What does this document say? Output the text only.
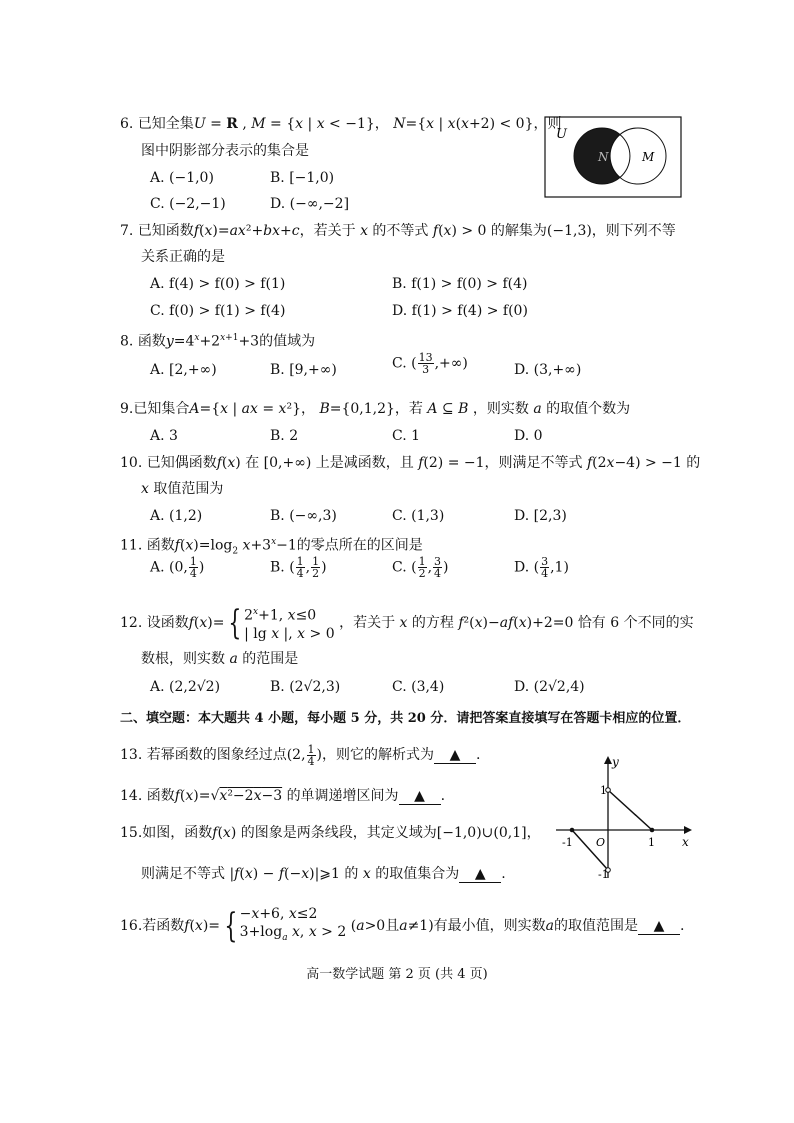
6. 已知全集U = R , M = {x | x < −1}， N={x | x(x+2) < 0}，则
图中阴影部分表示的集合是
A. (−1,0)	B. [−1,0)
C. (−2,−1)	D. (−∞,−2]
U
N	M
7. 已知函数f(x)=ax²+bx+c，若关于 x 的不等式 f(x) > 0 的解集为(−1,3)，则下列不等
关系正确的是
A. f(4) > f(0) > f(1)	B. f(1) > f(0) > f(4)
C. f(0) > f(1) > f(4)	D. f(1) > f(4) > f(0)
8. 函数$y=4^x+2^{x+1}+3$的值域为
A. [2,+∞)	B. [9,+∞)	C. ( $\frac{13}{3}$ ,+∞)	D. (3,+∞)
9.已知集合A={x | ax = x²}， B={0,1,2}，若 A ⊆ B ，则实数 a 的取值个数为
A. 3	B. 2	C. 1	D. 0
10. 已知偶函数f(x) 在 [0,+∞) 上是减函数，且 f(2) = −1，则满足不等式 f(2x−4) > −1 的
x 取值范围为
A. (1,2)	B. (−∞,3)	C. (1,3)	D. [2,3)
11. 函数$f(x)=\log_2$ $x+3^x-1$的零点所在的区间是
A. (0, $\frac{1}{4}$ )	B. ( $\frac{1}{4}$ , $\frac{1}{2}$ )	C. ( $\frac{1}{2}$ , $\frac{3}{4}$ )	D. ( $\frac{3}{4} ,1$)
12. 设函数f(x)= { $2^x+1$, x≤0
| lg x |, x > 0
，若关于 x 的方程 f²(x)−af(x)+2=0 恰有 6 个不同的实
数根，则实数 a 的范围是
A. (2,2√2)	B. (2√2,3)	C. (3,4)	D. (2√2,4)
二、填空题：本大题共 4 小题，每小题 5 分，共 20 分．请把答案直接填写在答题卡相应的位置．
13. 若幂函数的图象经过点(2, $\frac{1}{4}$ )，则它的解析式为 ▲ .
14. 函数f(x)=√x²−2x−3 的单调递增区间为 ▲ .
15.如图，函数f(x) 的图象是两条线段，其定义域为[−1,0)∪(0,1]，
则满足不等式 |f(x) − f(−x)|⩾1 的 x 的取值集合为 ▲ .
y
x
1
1
-1
-1
O
16.若函数f(x)= { −x+6, x≤2
$3+\log_a$ x, x > 2 (a>0且a≠1)有最小值，则实数a的取值范围是 ▲ .
高一数学试题 第 2 页 (共 4 页)
